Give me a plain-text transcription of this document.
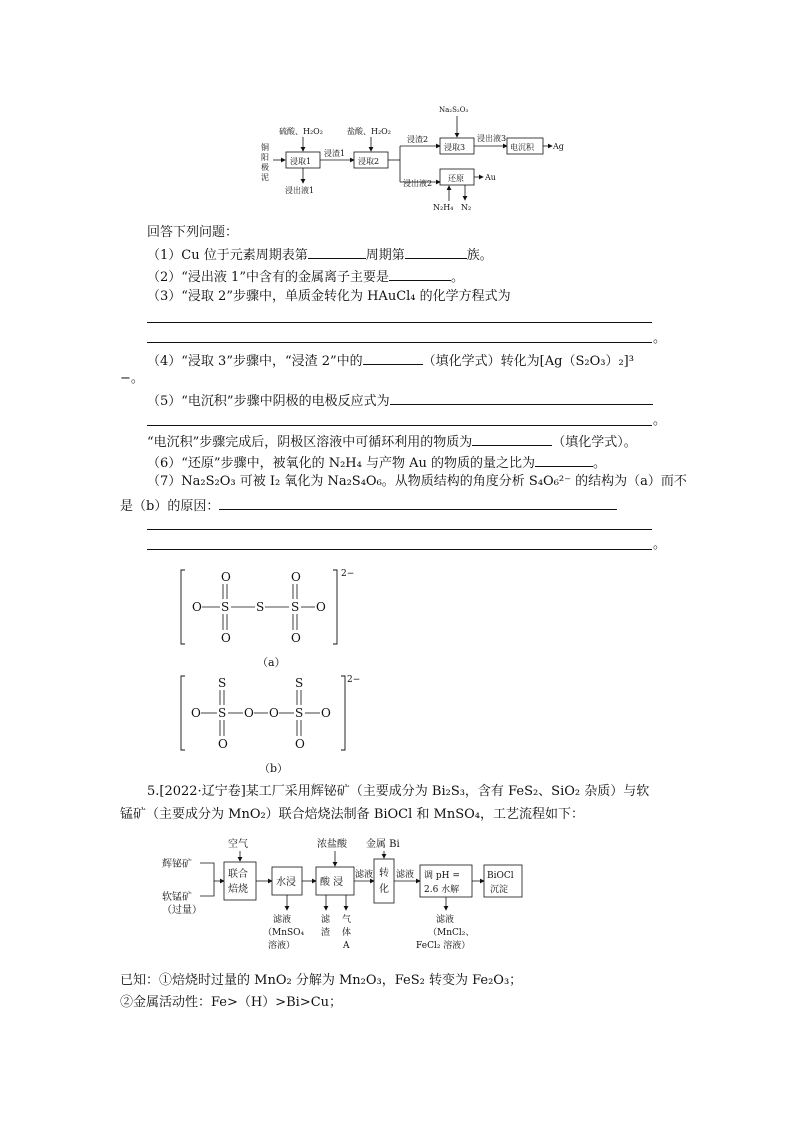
铜
阳
极
泥
浸取1
硫酸、H₂O₂
浸出液1
浸渣1
浸取2
盐酸、H₂O₂
浸渣2
浸出液2
浸取3
Na₂S₂O₃
浸出液3
电沉积 Ag
还原	Au
N₂H₄ N₂
回答下列问题：
（1）Cu 位于元素周期表第	周期第	族。
（2）“浸出液 1”中含有的金属离子主要是	。
（3）“浸取 2”步骤中，单质金转化为 HAuCl₄ 的化学方程式为
。
（4）“浸取 3”步骤中，“浸渣 2”中的	（填化学式）转化为[Ag（S₂O₃）₂]³
−。
（5）“电沉积”步骤中阴极的电极反应式为
。
“电沉积”步骤完成后，阴极区溶液中可循环利用的物质为	（填化学式）。
（6）“还原”步骤中，被氧化的 N₂H₄ 与产物 Au 的物质的量之比为	。
（7）Na₂S₂O₃ 可被 I₂ 氧化为 Na₂S₄O₆。从物质结构的角度分析 S₄O₆²⁻ 的结构为（a）而不
是（b）的原因：
。
2−
O	O
O S S S O
O	O
（a）
2−
S	S
O S O O S O
O	O
（b）
5.[2022·辽宁卷]某工厂采用辉铋矿（主要成分为 Bi₂S₃，含有 FeS₂、SiO₂ 杂质）与软
锰矿（主要成分为 MnO₂）联合焙烧法制备 BiOCl 和 MnSO₄，工艺流程如下：
辉铋矿
软锰矿
（过量）
联合
焙烧
空气
水浸
滤液
（MnSO₄
溶液）
酸 浸
浓盐酸
滤
渣
气
体
A
滤液 转
化
金属 Bi
滤液 调 pH =
2.6 水解
滤液
（MnCl₂、
FeCl₂ 溶液）
BiOCl
沉淀
已知：①焙烧时过量的 MnO₂ 分解为 Mn₂O₃，FeS₂ 转变为 Fe₂O₃；
②金属活动性：Fe>（H）>Bi>Cu；
